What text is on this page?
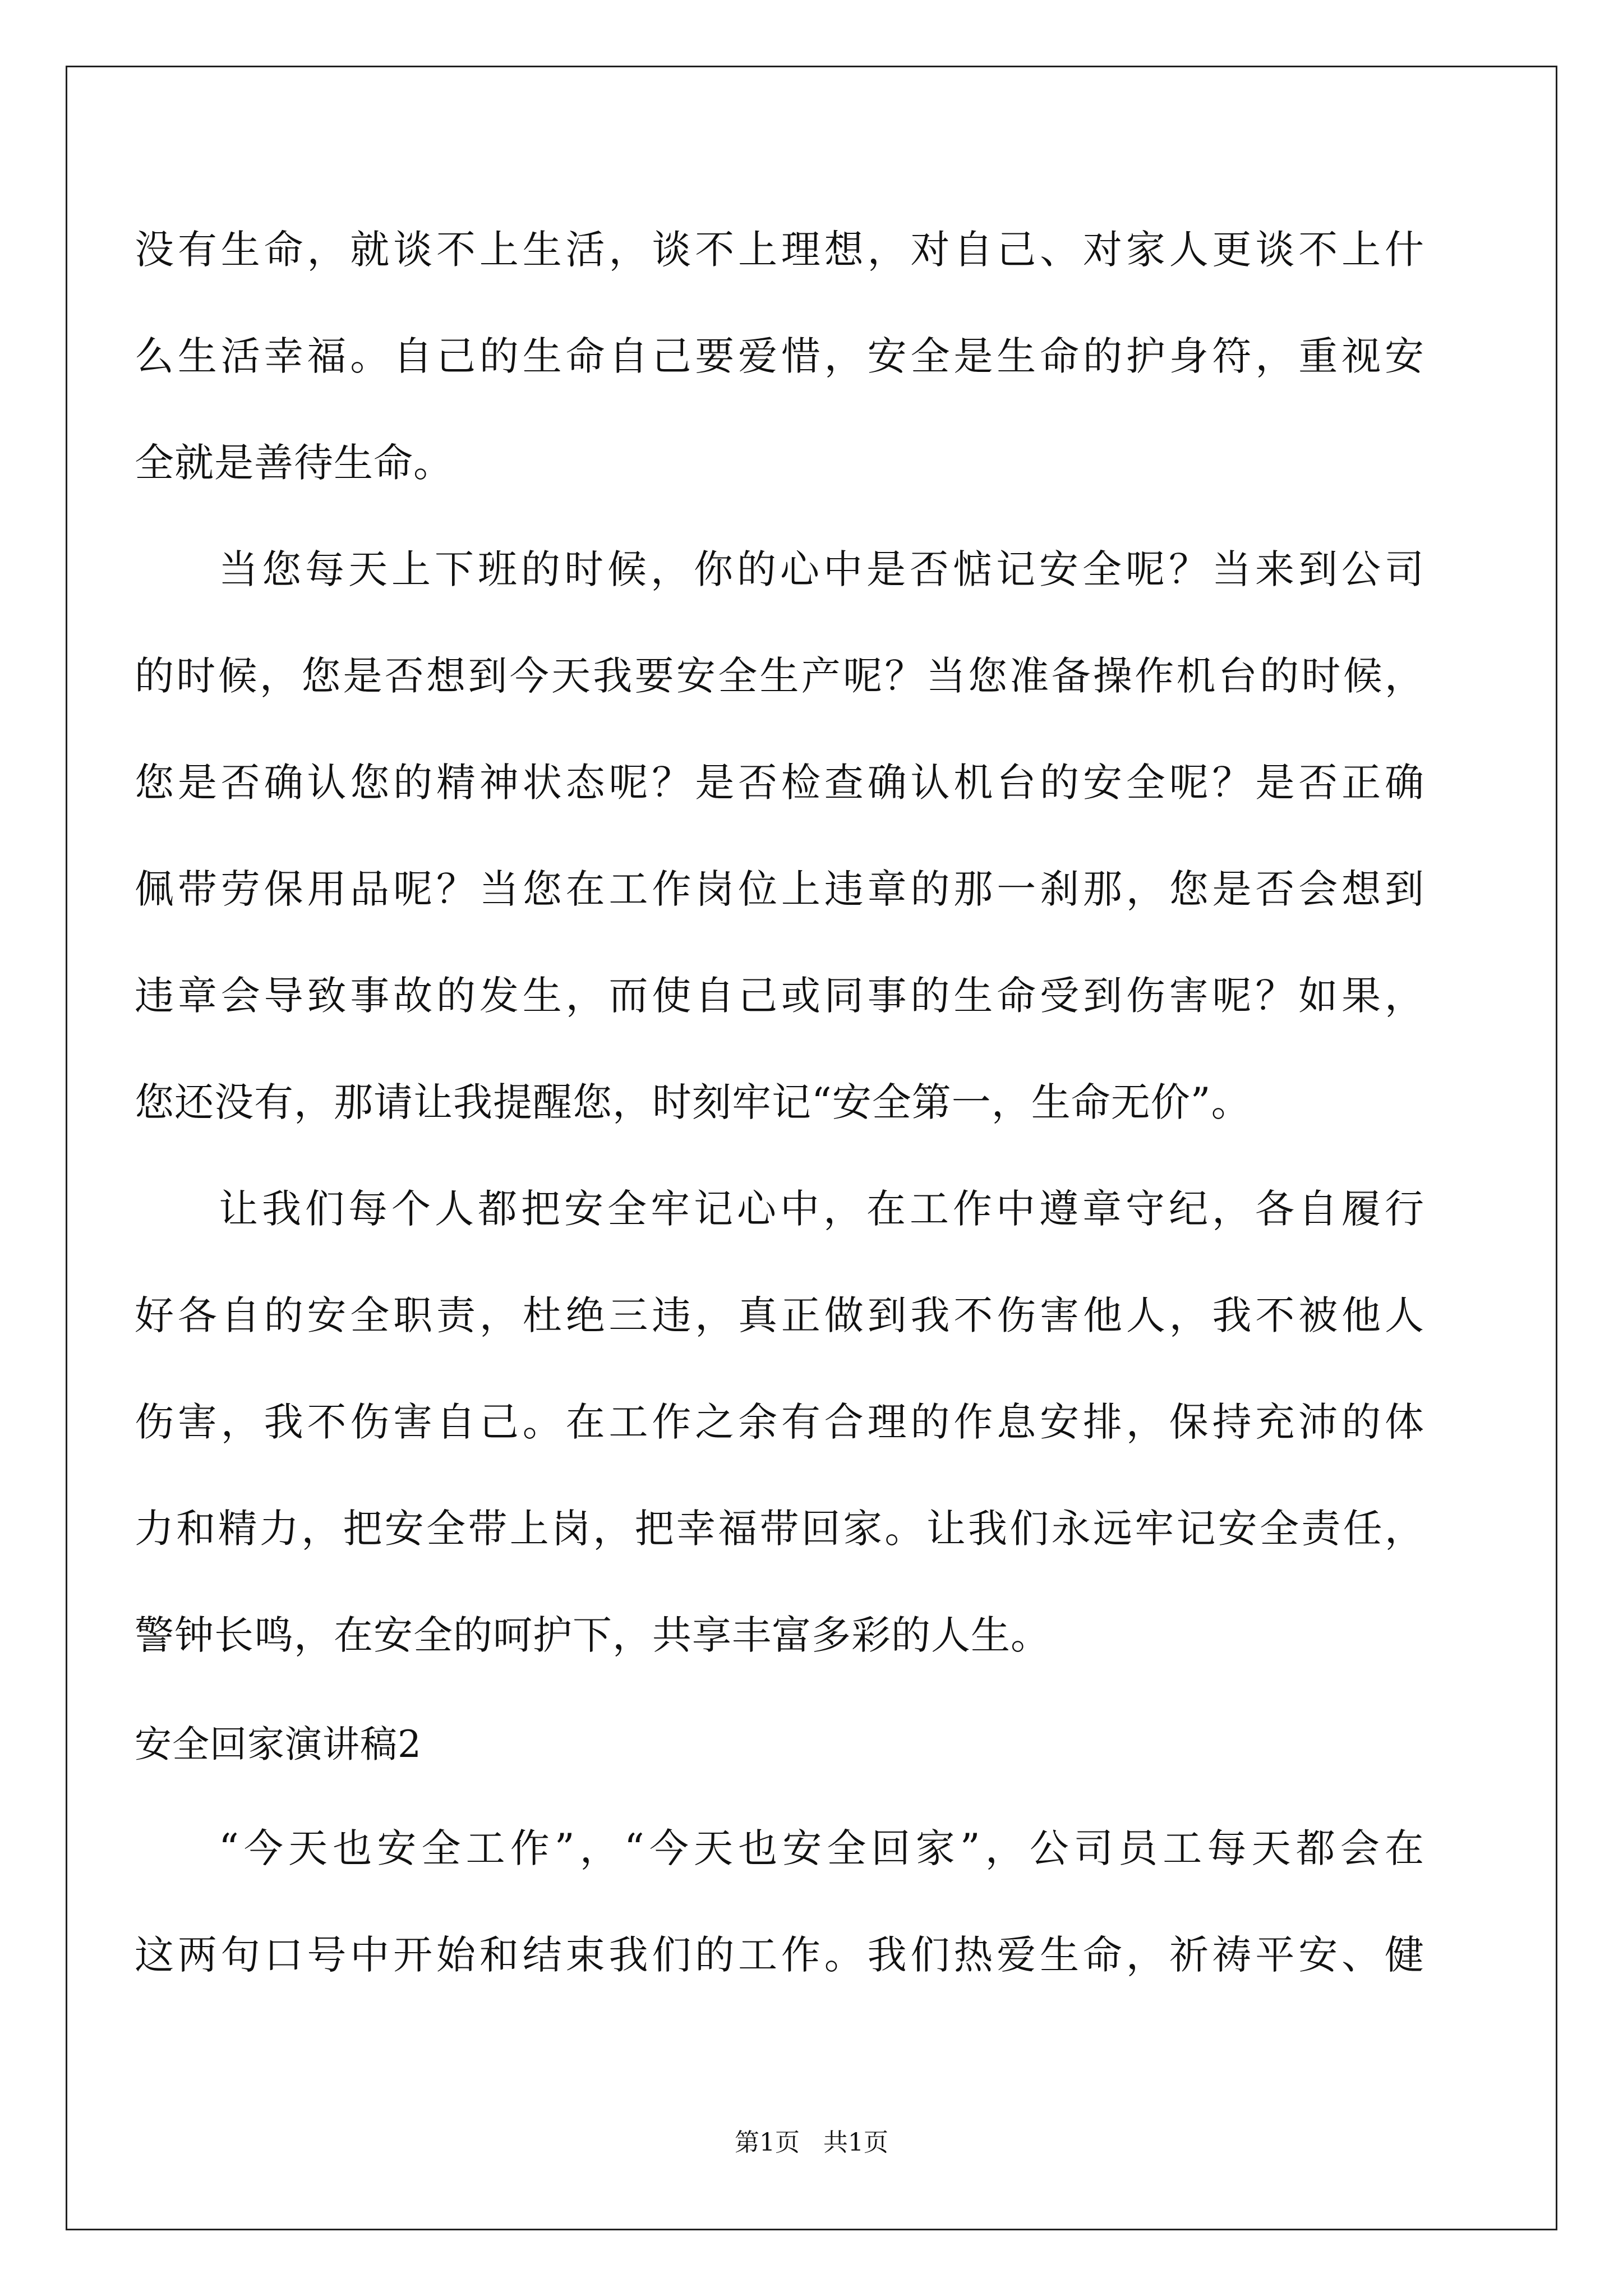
没有生命，就谈不上生活，谈不上理想，对自己、对家人更谈不上什
么生活幸福。自己的生命自己要爱惜，安全是生命的护身符，重视安
全就是善待生命。
当您每天上下班的时候，你的心中是否惦记安全呢？当来到公司
的时候，您是否想到今天我要安全生产呢？当您准备操作机台的时候，
您是否确认您的精神状态呢？是否检查确认机台的安全呢？是否正确
佩带劳保用品呢？当您在工作岗位上违章的那一刹那，您是否会想到
违章会导致事故的发生，而使自己或同事的生命受到伤害呢？如果，
您还没有，那请让我提醒您，时刻牢记“安全第一，生命无价”。
让我们每个人都把安全牢记心中，在工作中遵章守纪，各自履行
好各自的安全职责，杜绝三违，真正做到我不伤害他人，我不被他人
伤害，我不伤害自己。在工作之余有合理的作息安排，保持充沛的体
力和精力，把安全带上岗，把幸福带回家。让我们永远牢记安全责任，
警钟长鸣，在安全的呵护下，共享丰富多彩的人生。
“今天也安全工作”，“今天也安全回家”，公司员工每天都会在
这两句口号中开始和结束我们的工作。我们热爱生命，祈祷平安、健
安全回家演讲稿2
第1页   共1页
